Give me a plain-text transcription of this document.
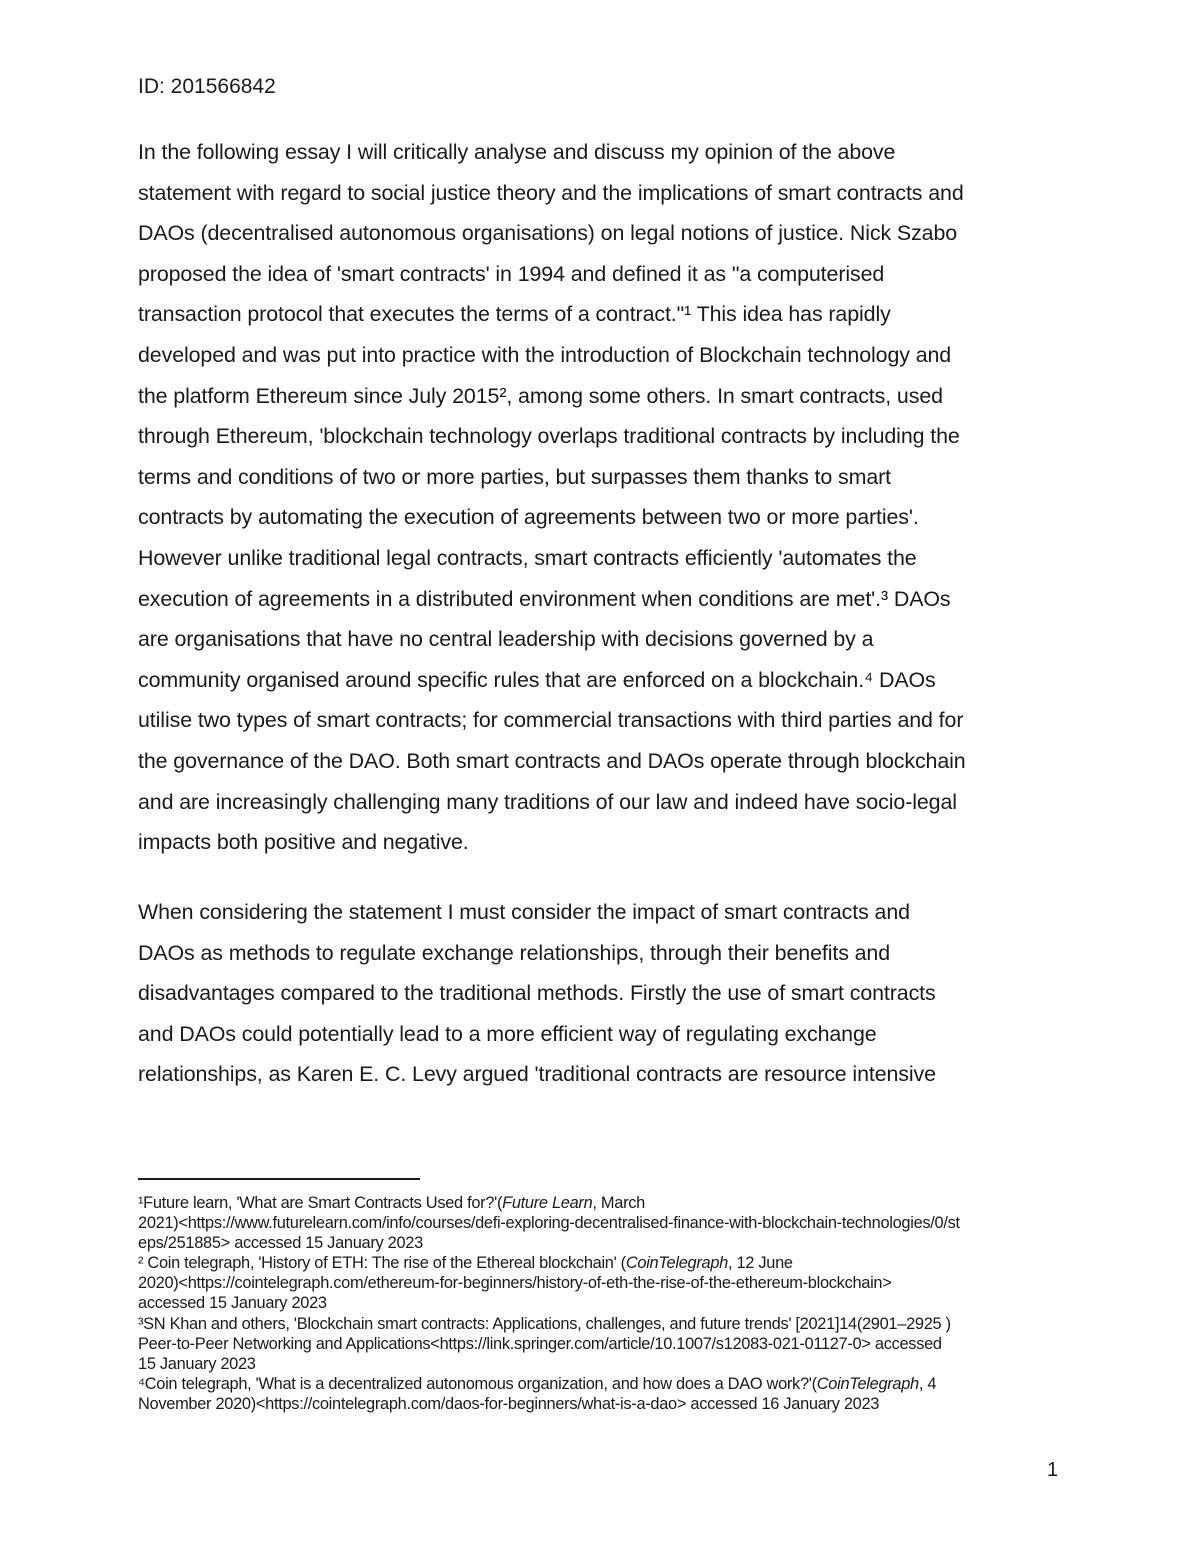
ID: 201566842
In the following essay I will critically analyse and discuss my opinion of the above
statement with regard to social justice theory and the implications of smart contracts and
DAOs (decentralised autonomous organisations) on legal notions of justice. Nick Szabo
proposed the idea of 'smart contracts' in 1994 and defined it as "a computerised
transaction protocol that executes the terms of a contract."¹ This idea has rapidly
developed and was put into practice with the introduction of Blockchain technology and
the platform Ethereum since July 2015², among some others. In smart contracts, used
through Ethereum, 'blockchain technology overlaps traditional contracts by including the
terms and conditions of two or more parties, but surpasses them thanks to smart
contracts by automating the execution of agreements between two or more parties'.
However unlike traditional legal contracts, smart contracts efficiently 'automates the
execution of agreements in a distributed environment when conditions are met'.³ DAOs
are organisations that have no central leadership with decisions governed by a
community organised around specific rules that are enforced on a blockchain.⁴ DAOs
utilise two types of smart contracts; for commercial transactions with third parties and for
the governance of the DAO. Both smart contracts and DAOs operate through blockchain
and are increasingly challenging many traditions of our law and indeed have socio-legal
impacts both positive and negative.
When considering the statement I must consider the impact of smart contracts and
DAOs as methods to regulate exchange relationships, through their benefits and
disadvantages compared to the traditional methods. Firstly the use of smart contracts
and DAOs could potentially lead to a more efficient way of regulating exchange
relationships, as Karen E. C. Levy argued 'traditional contracts are resource intensive
¹Future learn, 'What are Smart Contracts Used for?'(Future Learn, March
2021)<https://www.futurelearn.com/info/courses/defi-exploring-decentralised-finance-with-blockchain-technologies/0/st
eps/251885> accessed 15 January 2023
² Coin telegraph, 'History of ETH: The rise of the Ethereal blockchain' (CoinTelegraph, 12 June
2020)<https://cointelegraph.com/ethereum-for-beginners/history-of-eth-the-rise-of-the-ethereum-blockchain>
accessed 15 January 2023
³SN Khan and others, 'Blockchain smart contracts: Applications, challenges, and future trends' [2021]14(2901–2925 )
Peer-to-Peer Networking and Applications<https://link.springer.com/article/10.1007/s12083-021-01127-0> accessed
15 January 2023
⁴Coin telegraph, 'What is a decentralized autonomous organization, and how does a DAO work?'(CoinTelegraph, 4
November 2020)<https://cointelegraph.com/daos-for-beginners/what-is-a-dao> accessed 16 January 2023
1
